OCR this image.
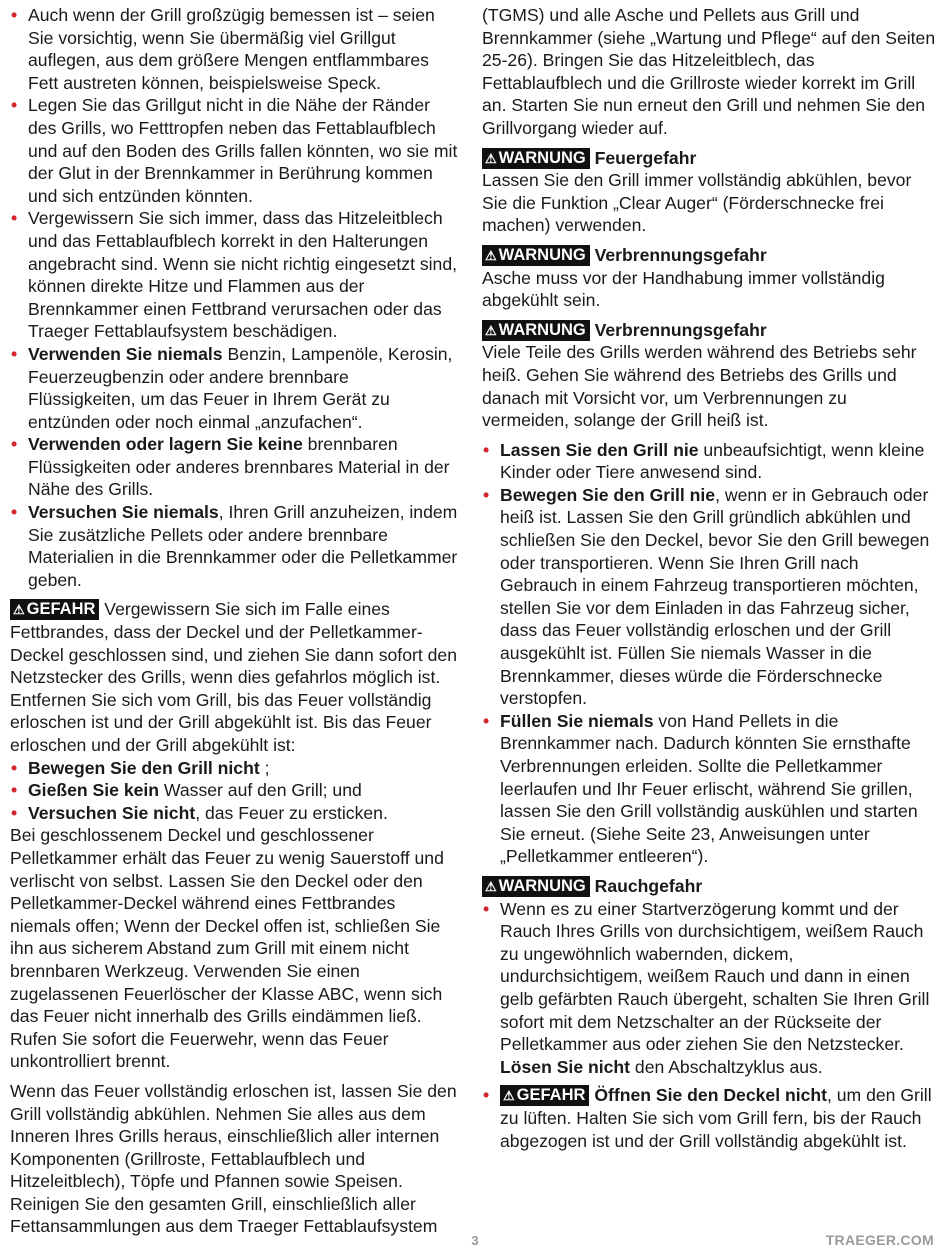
• Auch wenn der Grill großzügig bemessen ist – seien Sie vorsichtig, wenn Sie übermäßig viel Grillgut auflegen, aus dem größere Mengen entflammbares Fett austreten können, beispielsweise Speck.
• Legen Sie das Grillgut nicht in die Nähe der Ränder des Grills, wo Fetttropfen neben das Fettablaufblech und auf den Boden des Grills fallen könnten, wo sie mit der Glut in der Brennkammer in Berührung kommen und sich entzünden könnten.
• Vergewissern Sie sich immer, dass das Hitzeleitblech und das Fettablaufblech korrekt in den Halterungen angebracht sind. Wenn sie nicht richtig eingesetzt sind, können direkte Hitze und Flammen aus der Brennkammer einen Fettbrand verursachen oder das Traeger Fettablaufsystem beschädigen.
• Verwenden Sie niemals Benzin, Lampenöle, Kerosin, Feuerzeugbenzin oder andere brennbare Flüssigkeiten, um das Feuer in Ihrem Gerät zu entzünden oder noch einmal „anzufachen“.
• Verwenden oder lagern Sie keine brennbaren Flüssigkeiten oder anderes brennbares Material in der Nähe des Grills.
• Versuchen Sie niemals, Ihren Grill anzuheizen, indem Sie zusätzliche Pellets oder andere brennbare Materialien in die Brennkammer oder die Pelletkammer geben.

⚠ GEFAHR Vergewissern Sie sich im Falle eines Fettbrandes, dass der Deckel und der Pelletkammer-Deckel geschlossen sind, und ziehen Sie dann sofort den Netzstecker des Grills, wenn dies gefahrlos möglich ist. Entfernen Sie sich vom Grill, bis das Feuer vollständig erloschen ist und der Grill abgekühlt ist. Bis das Feuer erloschen und der Grill abgekühlt ist:

• Bewegen Sie den Grill nicht ;
• Gießen Sie kein Wasser auf den Grill; und
• Versuchen Sie nicht, das Feuer zu ersticken.

Bei geschlossenem Deckel und geschlossener Pelletkammer erhält das Feuer zu wenig Sauerstoff und verlischt von selbst. Lassen Sie den Deckel oder den Pelletkammer-Deckel während eines Fettbrandes niemals offen; Wenn der Deckel offen ist, schließen Sie ihn aus sicherem Abstand zum Grill mit einem nicht brennbaren Werkzeug. Verwenden Sie einen zugelassenen Feuerlöscher der Klasse ABC, wenn sich das Feuer nicht innerhalb des Grills eindämmen ließ. Rufen Sie sofort die Feuerwehr, wenn das Feuer unkontrolliert brennt.

Wenn das Feuer vollständig erloschen ist, lassen Sie den Grill vollständig abkühlen. Nehmen Sie alles aus dem Inneren Ihres Grills heraus, einschließlich aller internen Komponenten (Grillroste, Fettablaufblech und Hitzeleitblech), Töpfe und Pfannen sowie Speisen. Reinigen Sie den gesamten Grill, einschließlich aller Fettansammlungen aus dem Traeger Fettablaufsystem

(TGMS) und alle Asche und Pellets aus Grill und Brennkammer (siehe „Wartung und Pflege“ auf den Seiten 25-26). Bringen Sie das Hitzeleitblech, das Fettablaufblech und die Grillroste wieder korrekt im Grill an. Starten Sie nun erneut den Grill und nehmen Sie den Grillvorgang wieder auf.

⚠ WARNUNG Feuergefahr

Lassen Sie den Grill immer vollständig abkühlen, bevor Sie die Funktion „Clear Auger“ (Förderschnecke frei machen) verwenden.

⚠ WARNUNG Verbrennungsgefahr

Asche muss vor der Handhabung immer vollständig abgekühlt sein.

⚠ WARNUNG Verbrennungsgefahr

Viele Teile des Grills werden während des Betriebs sehr heiß. Gehen Sie während des Betriebs des Grills und danach mit Vorsicht vor, um Verbrennungen zu vermeiden, solange der Grill heiß ist.

• Lassen Sie den Grill nie unbeaufsichtigt, wenn kleine Kinder oder Tiere anwesend sind.
• Bewegen Sie den Grill nie, wenn er in Gebrauch oder heiß ist. Lassen Sie den Grill gründlich abkühlen und schließen Sie den Deckel, bevor Sie den Grill bewegen oder transportieren. Wenn Sie Ihren Grill nach Gebrauch in einem Fahrzeug transportieren möchten, stellen Sie vor dem Einladen in das Fahrzeug sicher, dass das Feuer vollständig erloschen und der Grill ausgekühlt ist. Füllen Sie niemals Wasser in die Brennkammer, dieses würde die Förderschnecke verstopfen.
• Füllen Sie niemals von Hand Pellets in die Brennkammer nach. Dadurch könnten Sie ernsthafte Verbrennungen erleiden. Sollte die Pelletkammer leerlaufen und Ihr Feuer erlischt, während Sie grillen, lassen Sie den Grill vollständig auskühlen und starten Sie erneut. (Siehe Seite 23, Anweisungen unter „Pelletkammer entleeren“).
⚠ WARNUNG Rauchgefahr
• Wenn es zu einer Startverzögerung kommt und der Rauch Ihres Grills von durchsichtigem, weißem Rauch zu ungewöhnlich wabernden, dickem, undurchsichtigem, weißem Rauch und dann in einen gelb gefärbten Rauch übergeht, schalten Sie Ihren Grill sofort mit dem Netzschalter an der Rückseite der Pelletkammer aus oder ziehen Sie den Netzstecker. Lösen Sie nicht den Abschaltzyklus aus.
• ⚠ GEFAHR Öffnen Sie den Deckel nicht, um den Grill zu lüften. Halten Sie sich vom Grill fern, bis der Rauch abgezogen ist und der Grill vollständig abgekühlt ist.
3	TRAEGER.COM
